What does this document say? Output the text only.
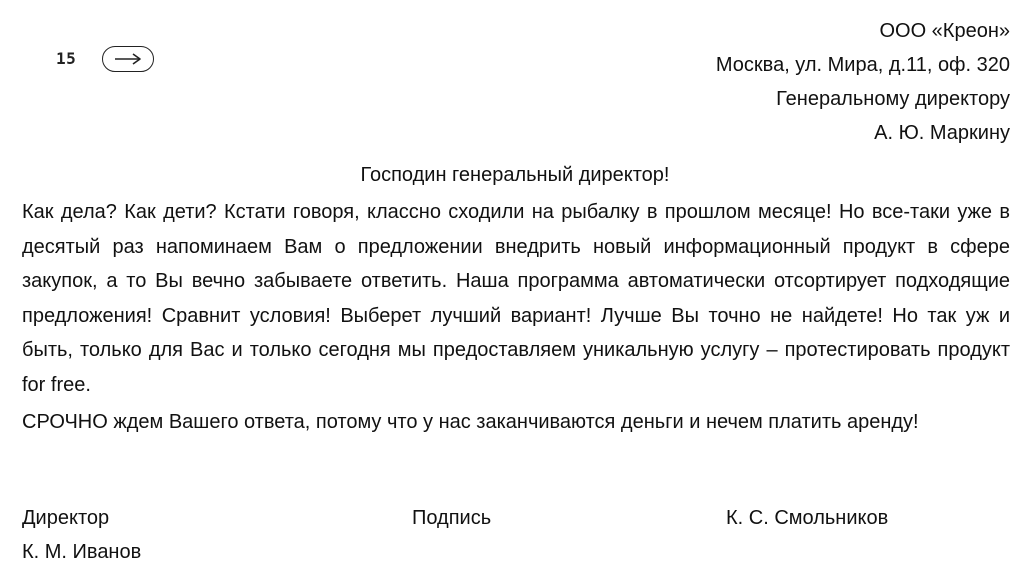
15
ООО «Креон»
Москва, ул. Мира, д.11, оф. 320
Генеральному директору
А. Ю. Маркину
Господин генеральный директор!

Как дела? Как дети? Кстати говоря, классно сходили на рыбалку в прошлом месяце! Но все-таки уже в десятый раз напоминаем Вам о предложении внедрить новый информационный продукт в сфере закупок, а то Вы вечно забываете ответить. Наша программа автоматически отсортирует подходящие предложения! Сравнит условия! Выберет лучший вариант! Лучше Вы точно не найдете! Но так уж и быть, только для Вас и только сегодня мы предоставляем уникальную услугу – протестировать продукт for free.

СРОЧНО ждем Вашего ответа, потому что у нас заканчиваются деньги и нечем платить аренду!

Директор	Подпись	К. С. Смольников
К. М. Иванов
